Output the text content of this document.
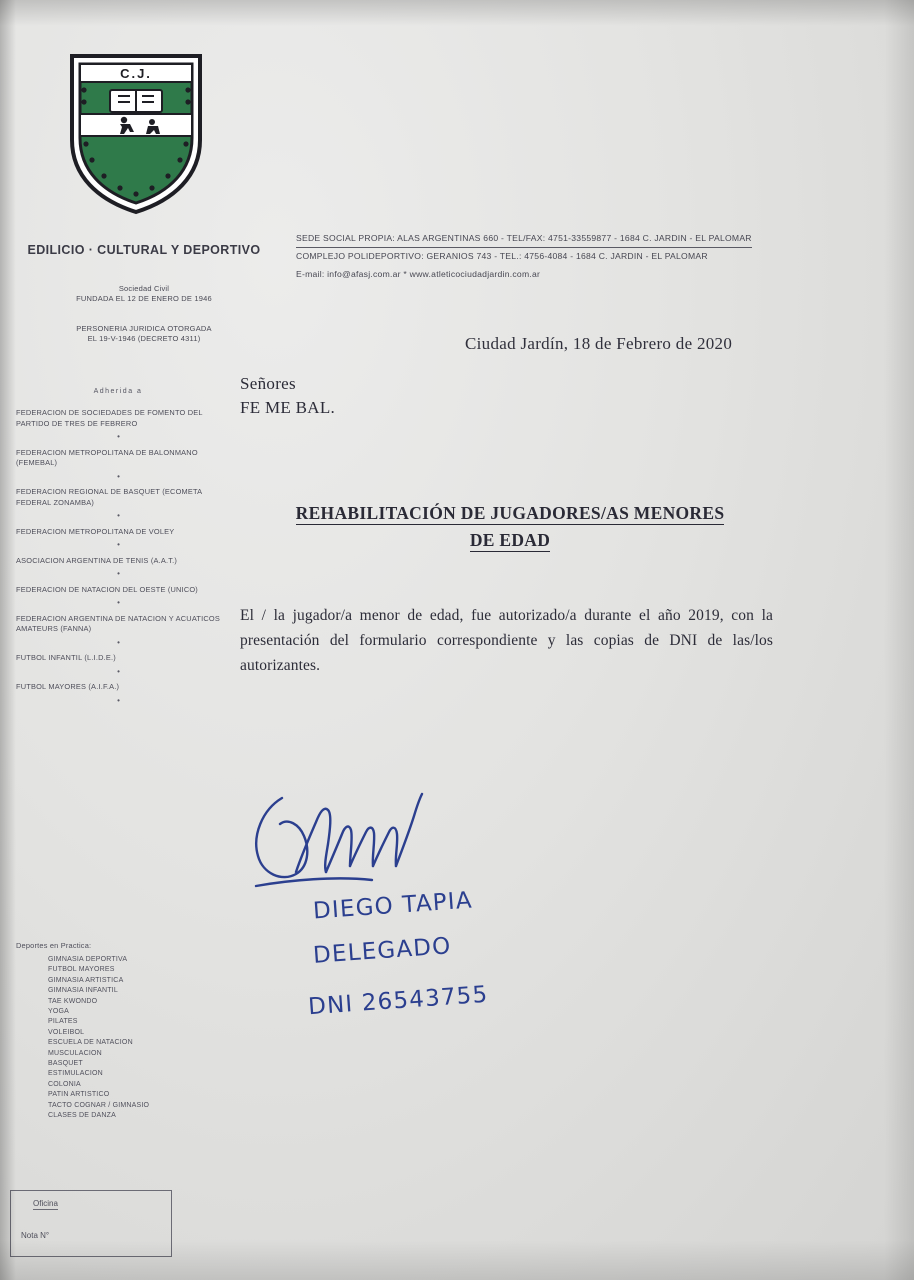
C.J.
EDILICIO · CULTURAL Y DEPORTIVO
Sociedad Civil
FUNDADA EL 12 DE ENERO DE 1946
PERSONERIA JURIDICA OTORGADA
EL 19-V-1946 (DECRETO 4311)
SEDE SOCIAL PROPIA: ALAS ARGENTINAS 660 - TEL/FAX: 4751-33559877 - 1684 C. JARDIN - EL PALOMAR
COMPLEJO POLIDEPORTIVO: GERANIOS 743 - TEL.: 4756-4084 - 1684 C. JARDIN - EL PALOMAR
E-mail: info@afasj.com.ar * www.atleticociudadjardin.com.ar
Adherida a
FEDERACION DE SOCIEDADES DE FOMENTO DEL PARTIDO DE TRES DE FEBRERO
•
FEDERACION METROPOLITANA DE BALONMANO (FEMEBAL)
•
FEDERACION REGIONAL DE BASQUET (ECOMETA FEDERAL ZONAMBA)
•
FEDERACION METROPOLITANA DE VOLEY
•
ASOCIACION ARGENTINA DE TENIS (A.A.T.)
•
FEDERACION DE NATACION DEL OESTE (UNICO)
•
FEDERACION ARGENTINA DE NATACION Y ACUATICOS AMATEURS (FANNA)
•
FUTBOL INFANTIL (L.I.D.E.)
•
FUTBOL MAYORES (A.I.F.A.)
•
Deportes en Practica:
GIMNASIA DEPORTIVA
FUTBOL MAYORES
GIMNASIA ARTISTICA
GIMNASIA INFANTIL
TAE KWONDO
YOGA
PILATES
VOLEIBOL
ESCUELA DE NATACION
MUSCULACION
BASQUET
ESTIMULACION
COLONIA
PATIN ARTISTICO
TACTO COGNAR / GIMNASIO
CLASES DE DANZA
Oficina
Nota N°
Ciudad Jardín, 18 de Febrero de 2020
Señores
FE ME BAL.
REHABILITACIÓN DE JUGADORES/AS MENORES
DE EDAD
El / la jugador/a menor de edad, fue autorizado/a durante el año 2019, con la presentación del formulario correspondiente y las copias de DNI de las/los autorizantes.
DIEGO TAPIA
DELEGADO
DNI 26543755
